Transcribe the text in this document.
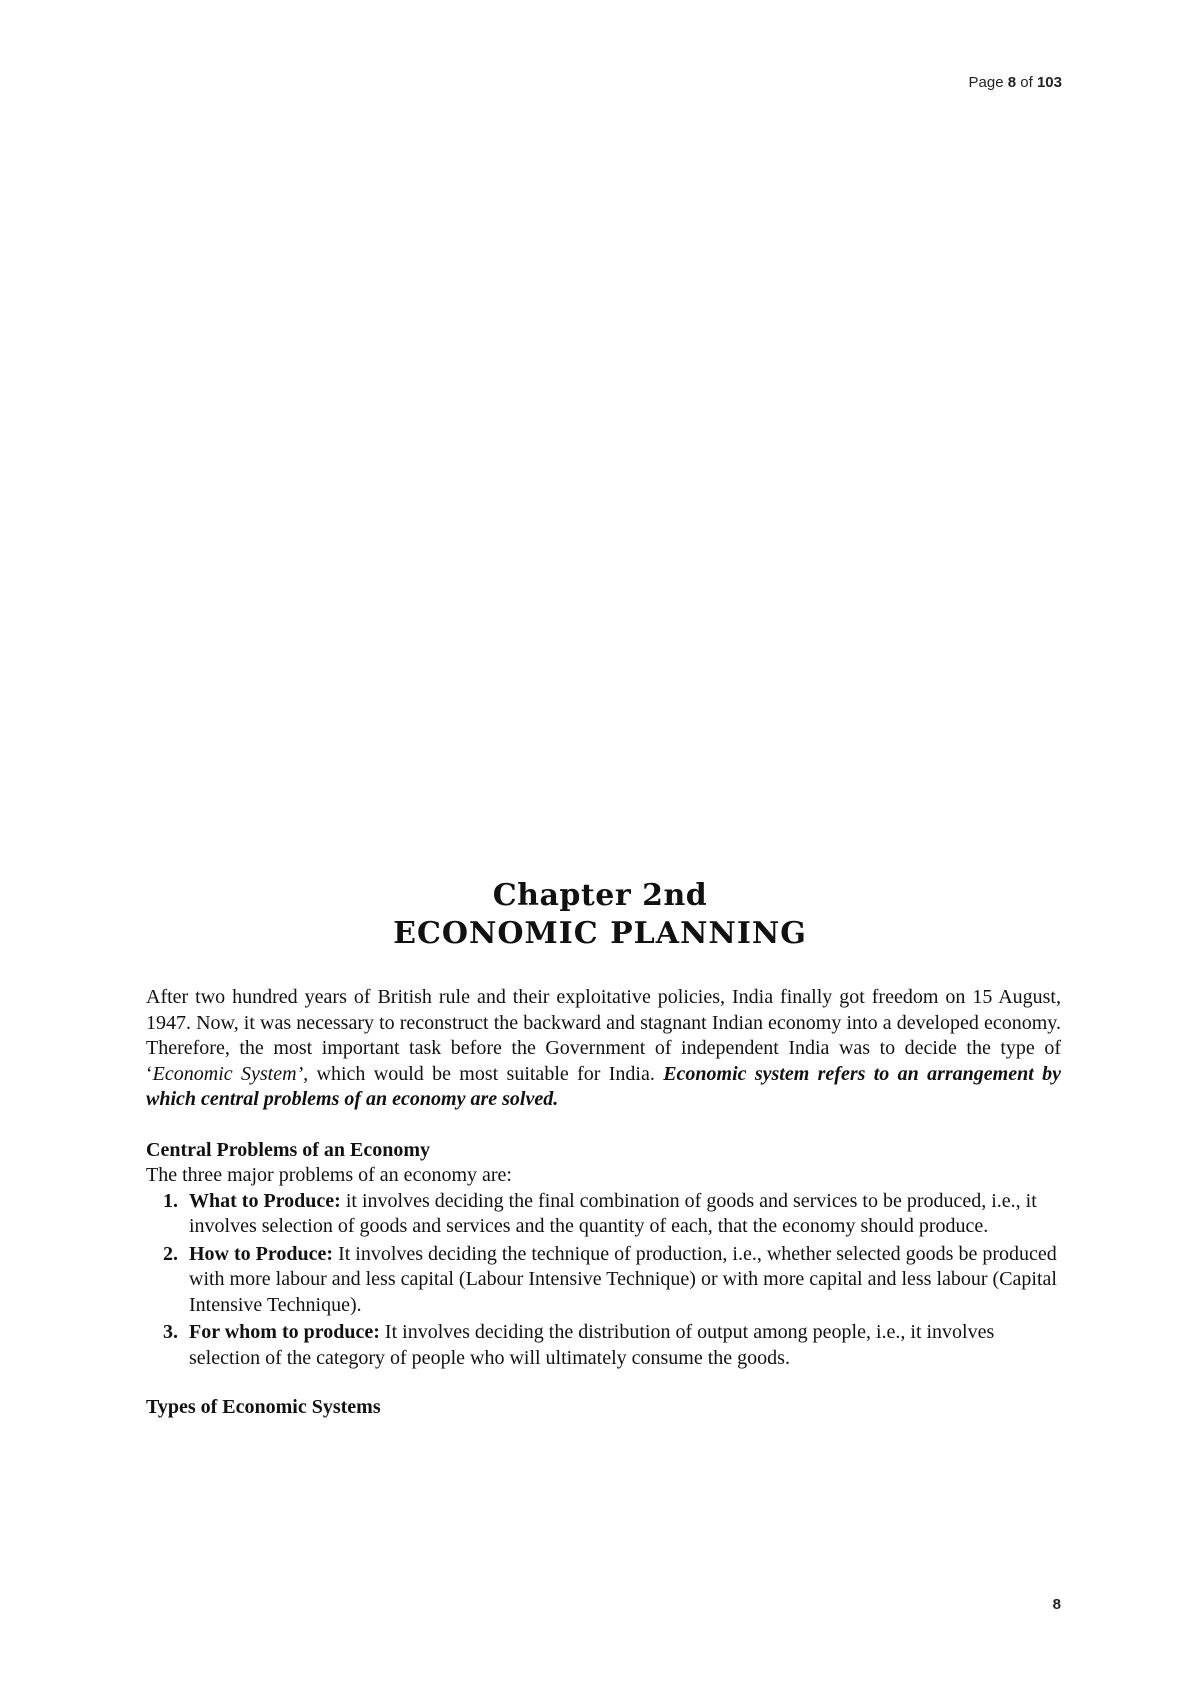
Page 8 of 103
Chapter 2nd
ECONOMIC PLANNING

After two hundred years of British rule and their exploitative policies, India finally got freedom on 15 August, 1947. Now, it was necessary to reconstruct the backward and stagnant Indian economy into a developed economy. Therefore, the most important task before the Government of independent India was to decide the type of ‘Economic System’, which would be most suitable for India. Economic system refers to an arrangement by which central problems of an economy are solved.

Central Problems of an Economy

The three major problems of an economy are:

1. What to Produce: it involves deciding the final combination of goods and services to be produced, i.e., it involves selection of goods and services and the quantity of each, that the economy should produce.
2. How to Produce: It involves deciding the technique of production, i.e., whether selected goods be produced with more labour and less capital (Labour Intensive Technique) or with more capital and less labour (Capital Intensive Technique).
3. For whom to produce: It involves deciding the distribution of output among people, i.e., it involves selection of the category of people who will ultimately consume the goods.
Types of Economic Systems
8
